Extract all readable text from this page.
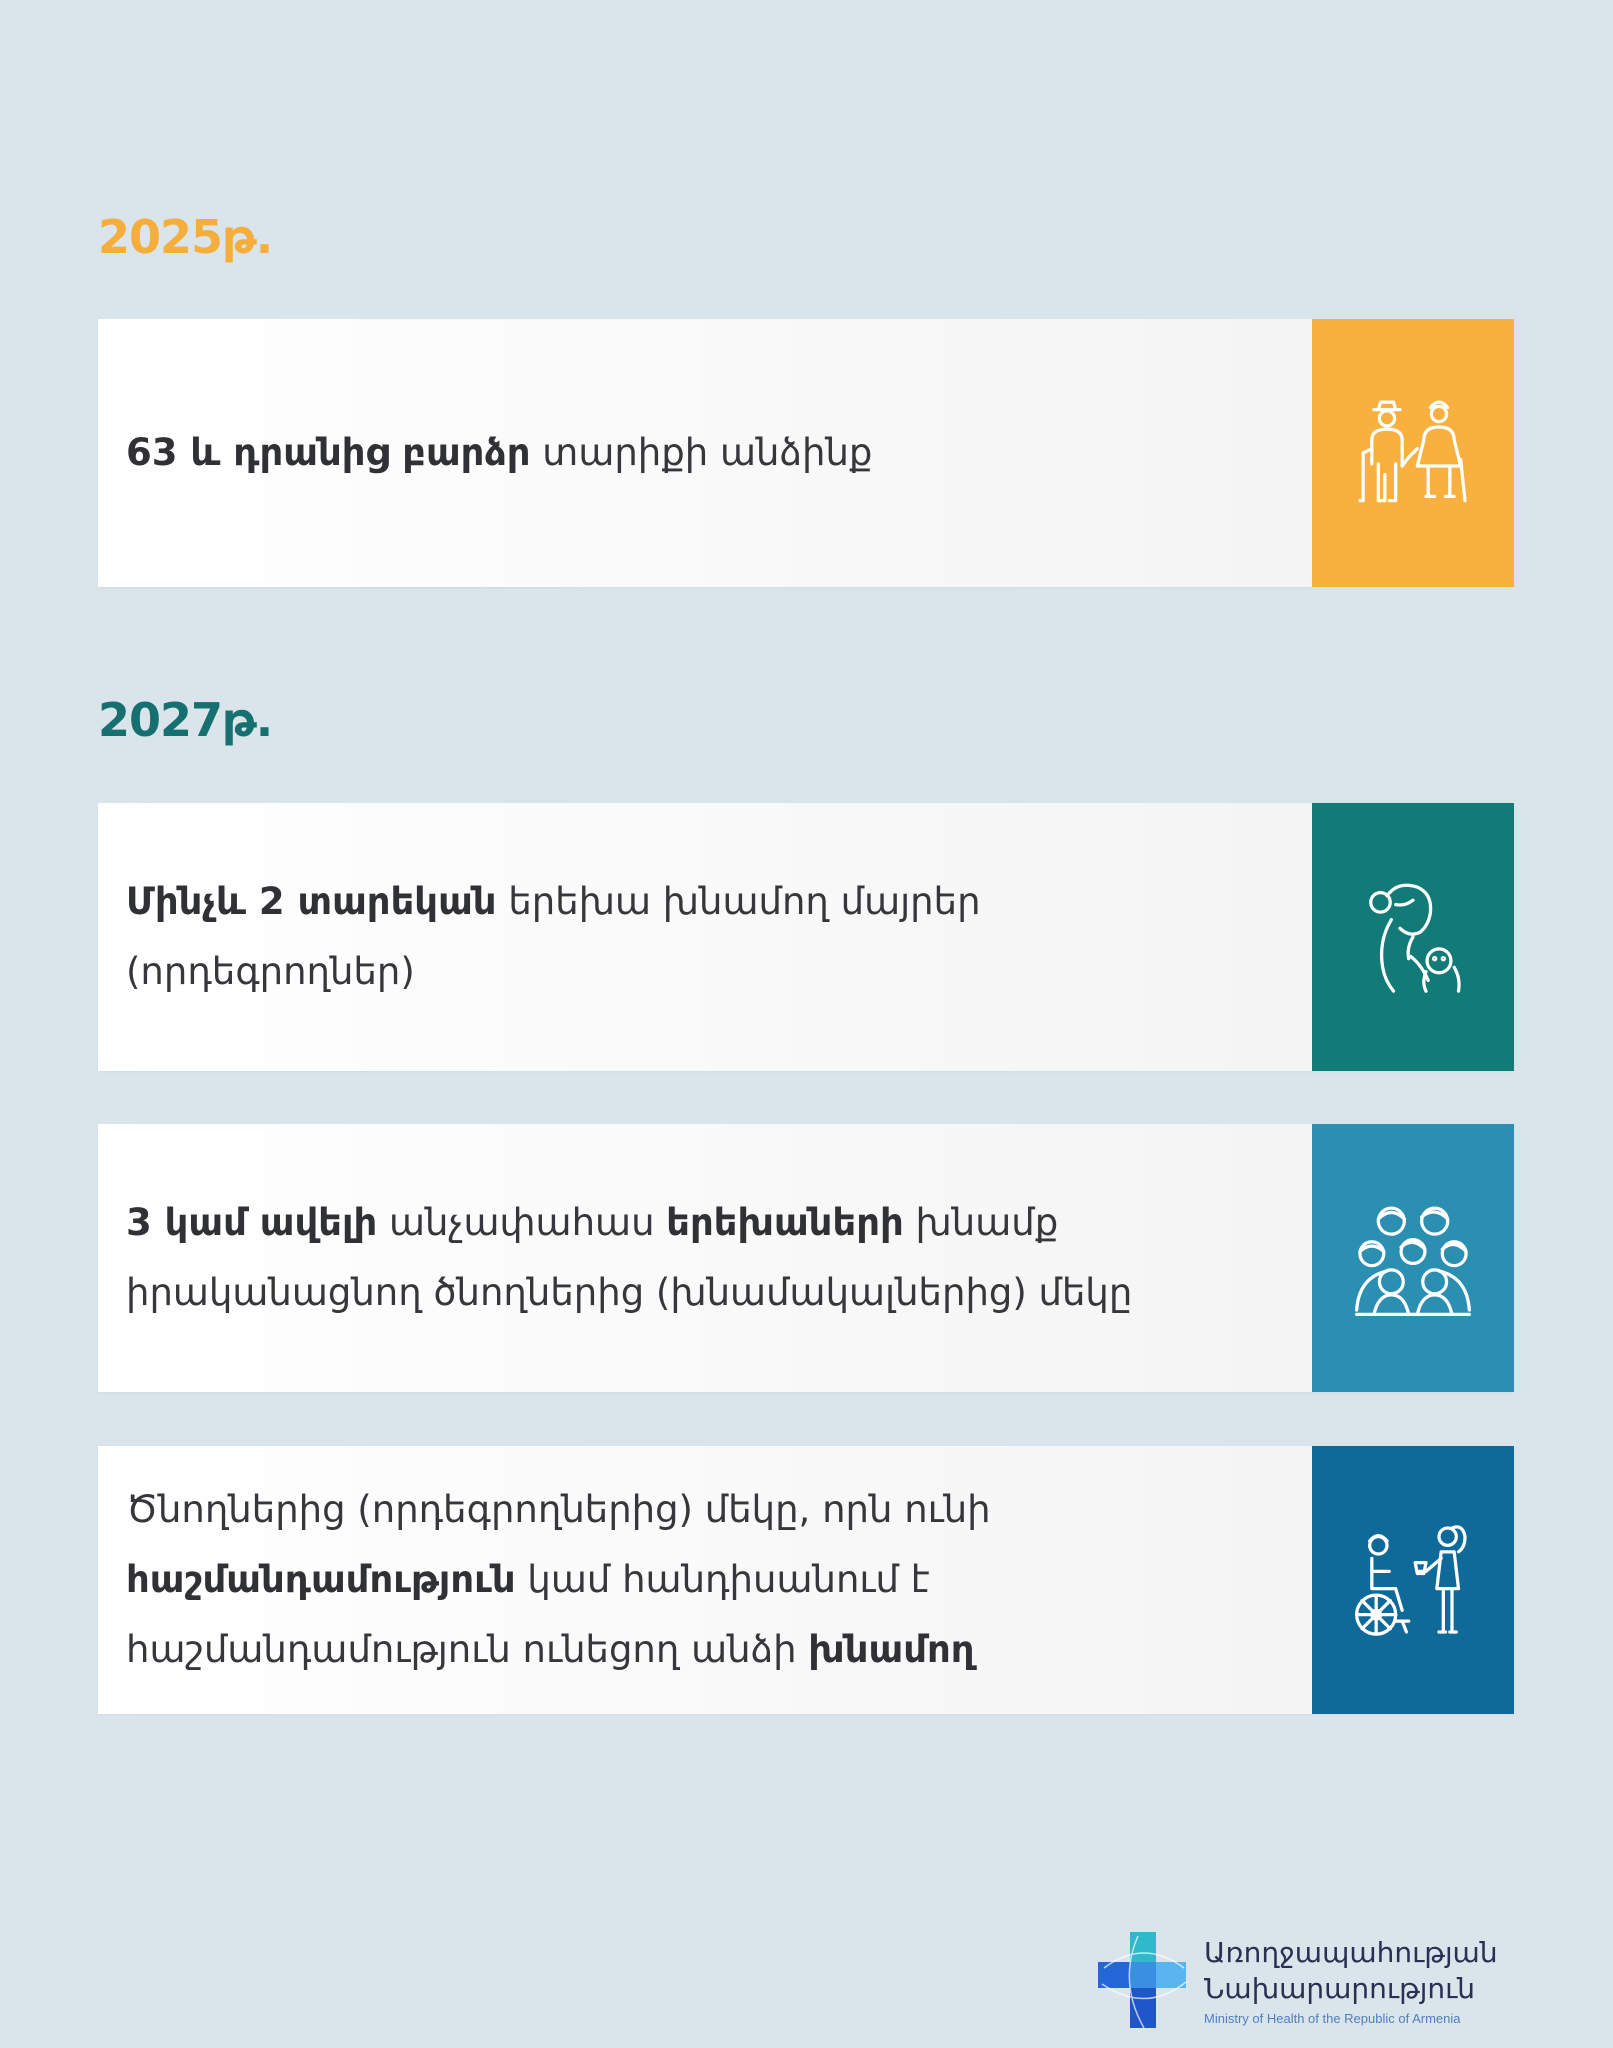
2025թ.
63 և դրանից բարձր տարիքի անձինք
2027թ.
Մինչև 2 տարեկան երեխա խնամող մայրեր
(որդեգրողներ)
3 կամ ավելի անչափահաս երեխաների խնամք
իրականացնող ծնողներից (խնամակալներից) մեկը
Ծնողներից (որդեգրողներից) մեկը, որն ունի
հաշմանդամություն կամ հանդիսանում է
հաշմանդամություն ունեցող անձի խնամող
Առողջապահության
Նախարարություն
Ministry of Health of the Republic of Armenia
